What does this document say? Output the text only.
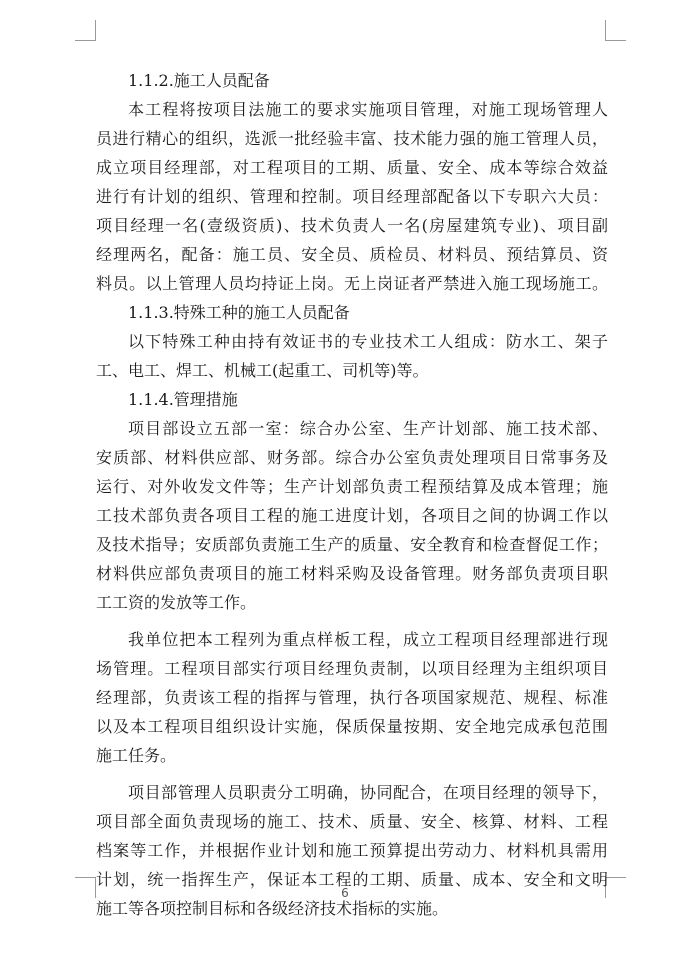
1.1.2.施工人员配备
本工程将按项目法施工的要求实施项目管理，对施工现场管理人
员进行精心的组织，选派一批经验丰富、技术能力强的施工管理人员，
成立项目经理部，对工程项目的工期、质量、安全、成本等综合效益
进行有计划的组织、管理和控制。项目经理部配备以下专职六大员：
项目经理一名(壹级资质)、技术负责人一名(房屋建筑专业)、项目副
经理两名，配备：施工员、安全员、质检员、材料员、预结算员、资
料员。以上管理人员均持证上岗。无上岗证者严禁进入施工现场施工。
1.1.3.特殊工种的施工人员配备
以下特殊工种由持有效证书的专业技术工人组成：防水工、架子
工、电工、焊工、机械工(起重工、司机等)等。
1.1.4.管理措施
项目部设立五部一室：综合办公室、生产计划部、施工技术部、
安质部、材料供应部、财务部。综合办公室负责处理项目日常事务及
运行、对外收发文件等；生产计划部负责工程预结算及成本管理；施
工技术部负责各项目工程的施工进度计划，各项目之间的协调工作以
及技术指导；安质部负责施工生产的质量、安全教育和检查督促工作；
材料供应部负责项目的施工材料采购及设备管理。财务部负责项目职
工工资的发放等工作。
我单位把本工程列为重点样板工程，成立工程项目经理部进行现
场管理。工程项目部实行项目经理负责制，以项目经理为主组织项目
经理部，负责该工程的指挥与管理，执行各项国家规范、规程、标准
以及本工程项目组织设计实施，保质保量按期、安全地完成承包范围
施工任务。
项目部管理人员职责分工明确，协同配合，在项目经理的领导下，
项目部全面负责现场的施工、技术、质量、安全、核算、材料、工程
档案等工作，并根据作业计划和施工预算提出劳动力、材料机具需用
计划，统一指挥生产，保证本工程的工期、质量、成本、安全和文明
施工等各项控制目标和各级经济技术指标的实施。
6
